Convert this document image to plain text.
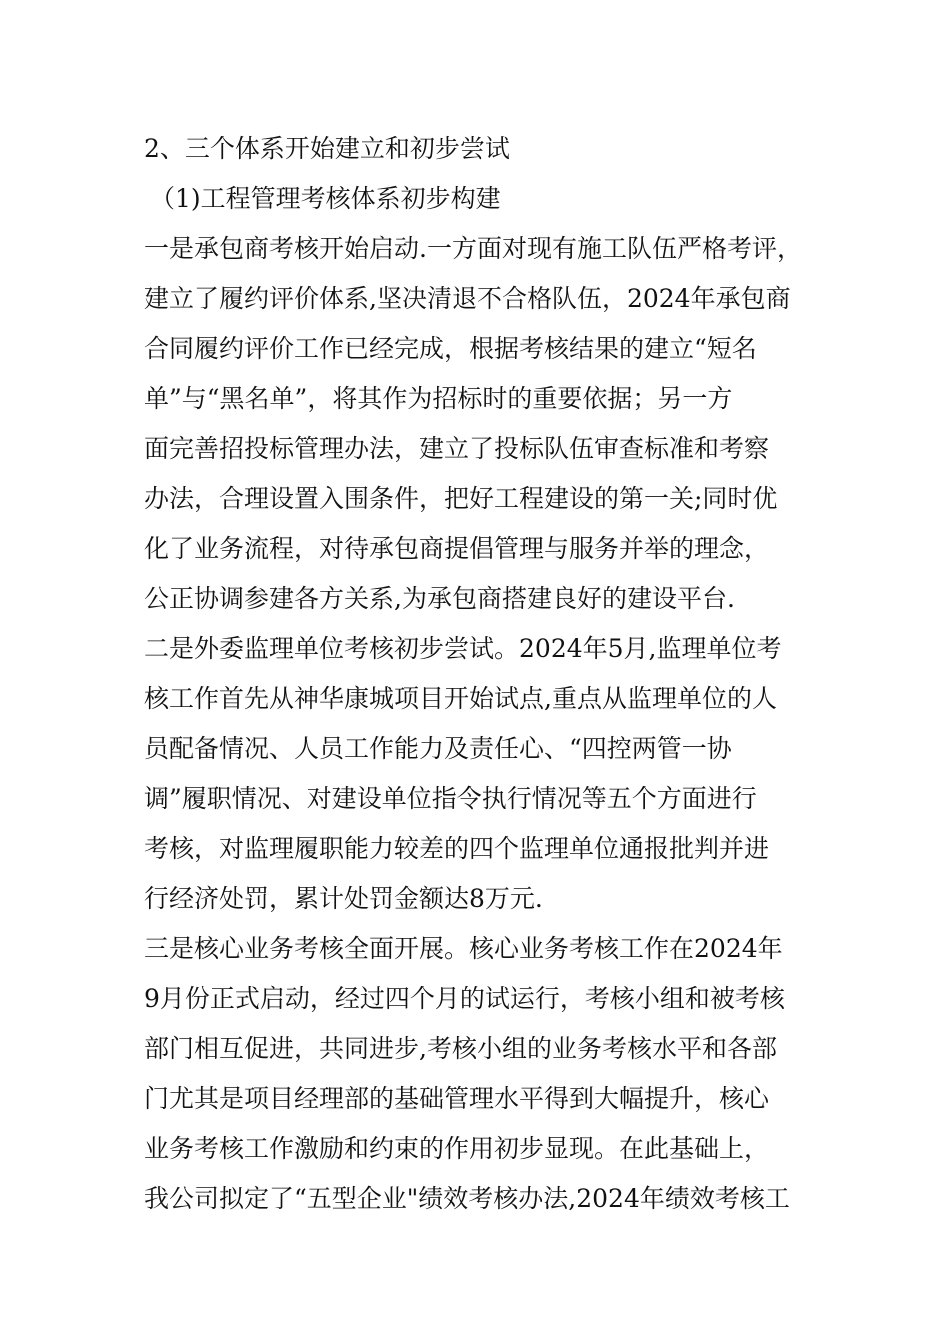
2、三个体系开始建立和初步尝试
（1)工程管理考核体系初步构建
一是承包商考核开始启动.一方面对现有施工队伍严格考评，
建立了履约评价体系,坚决清退不合格队伍，2024年承包商
合同履约评价工作已经完成，根据考核结果的建立“短名
单”与“黑名单”，将其作为招标时的重要依据；另一方
面完善招投标管理办法，建立了投标队伍审查标准和考察
办法，合理设置入围条件，把好工程建设的第一关;同时优
化了业务流程，对待承包商提倡管理与服务并举的理念，
公正协调参建各方关系,为承包商搭建良好的建设平台.
二是外委监理单位考核初步尝试。2024年5月,监理单位考
核工作首先从神华康城项目开始试点,重点从监理单位的人
员配备情况、人员工作能力及责任心、“四控两管一协
调”履职情况、对建设单位指令执行情况等五个方面进行
考核，对监理履职能力较差的四个监理单位通报批判并进
行经济处罚，累计处罚金额达8万元.
三是核心业务考核全面开展。核心业务考核工作在2024年
9月份正式启动，经过四个月的试运行，考核小组和被考核
部门相互促进，共同进步,考核小组的业务考核水平和各部
门尤其是项目经理部的基础管理水平得到大幅提升，核心
业务考核工作激励和约束的作用初步显现。在此基础上，
我公司拟定了“五型企业"绩效考核办法,2024年绩效考核工
